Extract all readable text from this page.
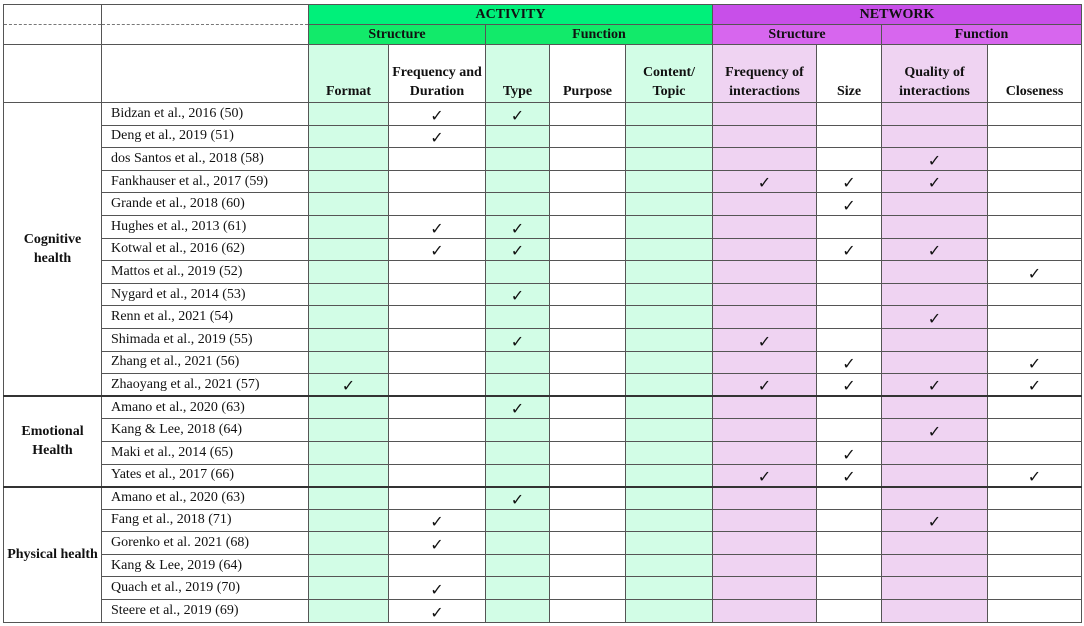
		ACTIVITY					NETWORK			
		Structure		Function			Structure		Function	
		Format	Frequency and Duration	Type	Purpose	Content/ Topic	Frequency of interactions	Size	Quality of interactions	Closeness
Cognitive health	Bidzan et al., 2016 (50)		✓	✓						
	Deng et al., 2019 (51)		✓							
	dos Santos et al., 2018 (58)								✓	
	Fankhauser et al., 2017 (59)						✓	✓	✓	
	Grande et al., 2018 (60)							✓		
	Hughes et al., 2013 (61)		✓	✓						
	Kotwal et al., 2016 (62)		✓	✓				✓	✓	
	Mattos et al., 2019 (52)									✓
	Nygard et al., 2014 (53)			✓						
	Renn et al., 2021 (54)								✓	
	Shimada et al., 2019 (55)			✓			✓			
	Zhang et al., 2021 (56)							✓		✓
	Zhaoyang et al., 2021 (57)	✓					✓	✓	✓	✓
Emotional Health	Amano et al., 2020 (63)			✓						
	Kang & Lee, 2018 (64)								✓	
	Maki et al., 2014 (65)							✓		
	Yates et al., 2017 (66)						✓	✓		✓
Physical health	Amano et al., 2020 (63)			✓						
	Fang et al., 2018 (71)		✓						✓	
	Gorenko et al. 2021 (68)		✓							
	Kang & Lee, 2019 (64)									
	Quach et al., 2019 (70)		✓							
	Steere et al., 2019 (69)		✓							
